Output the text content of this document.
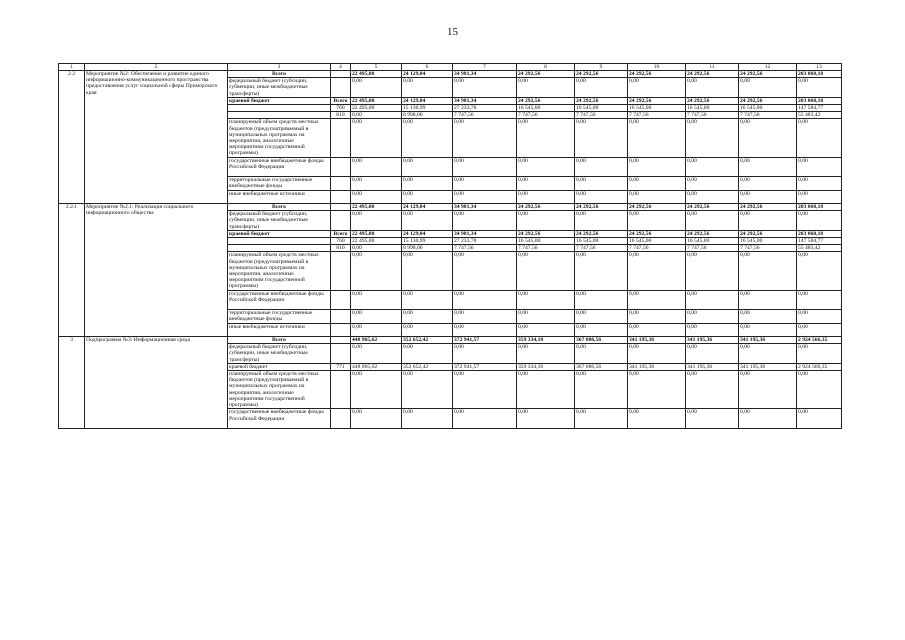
15
1	2	3	4	5	6	7	8	9	10	11	12	13
2.2	Мероприятие №2: Обеспечение и развитие единого информационно-коммуникационного пространства предоставления услуг социальной сферы Приморского края	Всего		22 495,00	24 129,04	34 981,34	24 292,56	24 292,56	24 292,56	24 292,56	24 292,56	203 068,18
		федеральный бюджет (субсидии, субвенции, иные межбюджетные трансферты)		0,00	0,00	0,00	0,00	0,00	0,00	0,00	0,00	0,00
		краевой бюджет	Всего	22 495,00	24 129,04	34 981,34	24 292,56	24 292,56	24 292,56	24 292,56	24 292,56	203 068,18
			760	22 495,00	15 130,99	27 233,78	16 545,00	16 545,00	16 545,00	16 545,00	16 545,00	147 584,77
			810	0,00	8 998,06	7 747,56	7 747,56	7 747,56	7 747,56	7 747,56	7 747,56	55 483,42
		планируемый объем средств местных бюджетов (предусматриваемый в муниципальных программах на мероприятия, аналогичные мероприятиям государственной программы)		0,00	0,00	0,00	0,00	0,00	0,00	0,00	0,00	0,00
		государственные внебюджетные фонды Российской Федерации		0,00	0,00	0,00	0,00	0,00	0,00	0,00	0,00	0,00
		территориальные государственные внебюджетные фонды		0,00	0,00	0,00	0,00	0,00	0,00	0,00	0,00	0,00
		иные внебюджетные источники		0,00	0,00	0,00	0,00	0,00	0,00	0,00	0,00	0,00
2.2.1	Мероприятие №2.1: Реализация социального информационного общества	Всего		22 495,00	24 129,04	34 981,34	24 292,56	24 292,56	24 292,56	24 292,56	24 292,56	203 068,18
		федеральный бюджет (субсидии, субвенции, иные межбюджетные трансферты)		0,00	0,00	0,00	0,00	0,00	0,00	0,00	0,00	0,00
		краевой бюджет	Всего	22 495,00	24 129,04	34 981,34	24 292,56	24 292,56	24 292,56	24 292,56	24 292,56	203 068,18
			760	22 495,00	15 130,99	27 233,78	16 545,00	16 545,00	16 545,00	16 545,00	16 545,00	147 584,77
			810	0,00	8 998,06	7 747,56	7 747,56	7 747,56	7 747,56	7 747,56	7 747,56	55 483,42
		планируемый объем средств местных бюджетов (предусматриваемый в муниципальных программах на мероприятия, аналогичные мероприятиям государственной программы)		0,00	0,00	0,00	0,00	0,00	0,00	0,00	0,00	0,00
		государственные внебюджетные фонды Российской Федерации		0,00	0,00	0,00	0,00	0,00	0,00	0,00	0,00	0,00
		территориальные государственные внебюджетные фонды		0,00	0,00	0,00	0,00	0,00	0,00	0,00	0,00	0,00
		иные внебюджетные источники		0,00	0,00	0,00	0,00	0,00	0,00	0,00	0,00	0,00
3	Подпрограмма №3: Информационная среда	Всего		448 965,62	352 652,42	372 941,57	359 334,10	367 086,56	341 195,36	341 195,36	341 195,36	2 924 566,35
		федеральный бюджет (субсидии, субвенции, иные межбюджетные трансферты)		0,00	0,00	0,00	0,00	0,00	0,00	0,00	0,00	0,00
		краевой бюджет	771	448 965,62	352 652,42	372 941,57	359 334,10	367 086,56	341 195,36	341 195,36	341 195,36	2 924 566,35
		планируемый объем средств местных бюджетов (предусматриваемый в муниципальных программах на мероприятия, аналогичные мероприятиям государственной программы)		0,00	0,00	0,00	0,00	0,00	0,00	0,00	0,00	0,00
		государственные внебюджетные фонды Российской Федерации		0,00	0,00	0,00	0,00	0,00	0,00	0,00	0,00	0,00
